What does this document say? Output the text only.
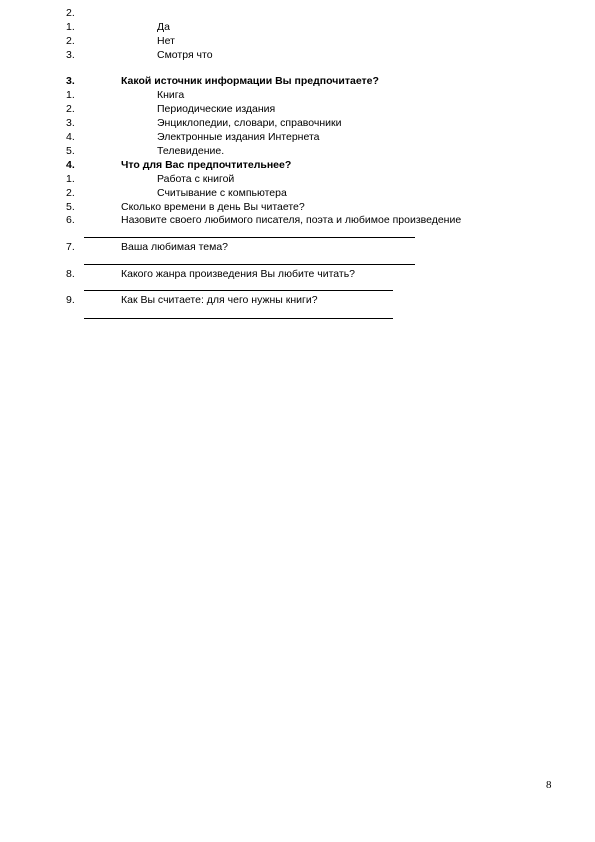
2.
1.	Да
2.	Нет
3.	Смотря что
3.	Какой источник информации Вы предпочитаете?
1.	Книга
2.	Периодические издания
3.	Энциклопедии, словари, справочники
4.	Электронные издания Интернета
5.	Телевидение.
4.	Что для Вас предпочтительнее?
1.	Работа с книгой
2.	Считывание с компьютера
5.	Сколько времени в день Вы читаете?
6.	Назовите своего любимого писателя, поэта и любимое произведение
7.	Ваша любимая тема?
8.	Какого жанра произведения Вы любите читать?
9.	Как Вы считаете: для чего нужны книги?
8
